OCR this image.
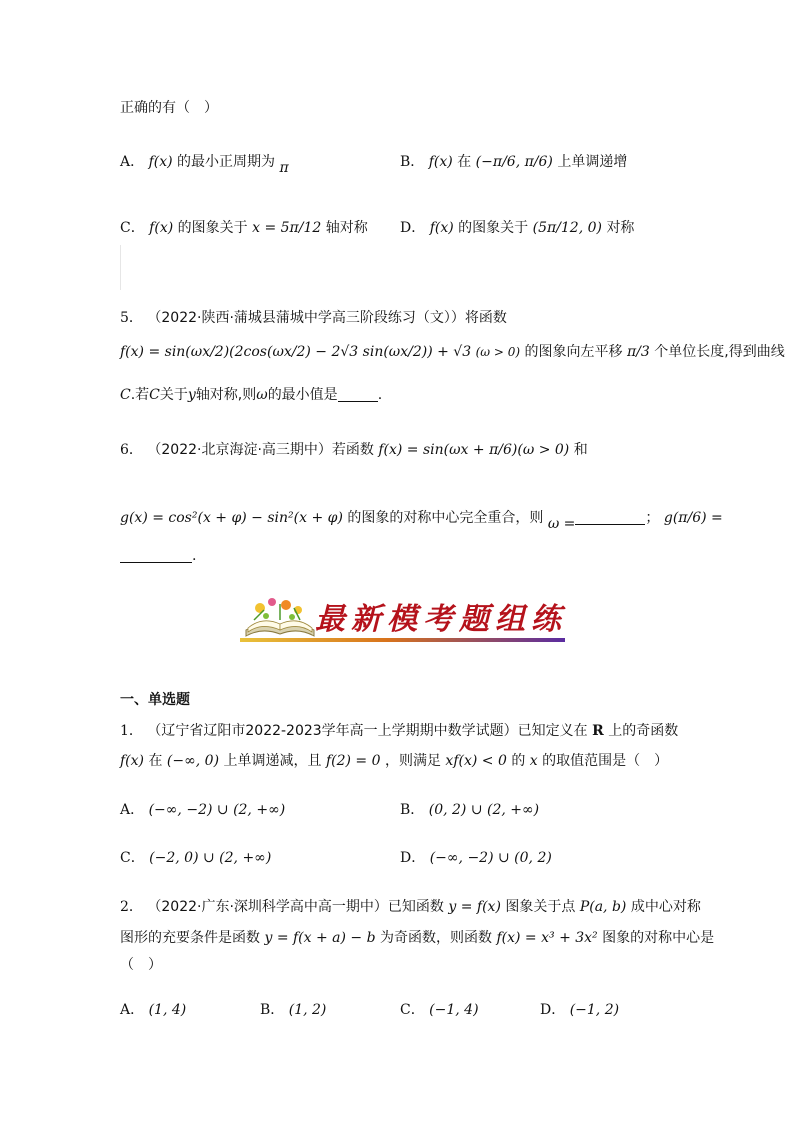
正确的有（　）
A． f(x) 的最小正周期为 π	B． f(x) 在 (−π/6, π/6) 上单调递增
C． f(x) 的图象关于 x = 5π/12 轴对称 D． f(x) 的图象关于 (5π/12, 0) 对称
5． （2022·陕西·蒲城县蒲城中学高三阶段练习（文））将函数
f(x) = sin(ωx/2)(2cos(ωx/2) − 2√3 sin(ωx/2)) + √3 (ω > 0) 的图象向左平移 π/3 个单位长度,得到曲线
C.若C关于y轴对称,则ω的最小值是	.
6． （2022·北京海淀·高三期中）若函数 f(x) = sin(ωx + π/6)(ω > 0) 和
g(x) = cos²(x + φ) − sin²(x + φ) 的图象的对称中心完全重合，则 ω =	； g(π/6) =
.
最新模考题组练
一、单选题
1． （辽宁省辽阳市2022-2023学年高一上学期期中数学试题）已知定义在 R 上的奇函数
f(x) 在 (−∞, 0) 上单调递减，且 f(2) = 0 ，则满足 xf(x) < 0 的 x 的取值范围是（　）
A． (−∞, −2) ∪ (2, +∞)	B． (0, 2) ∪ (2, +∞)
C． (−2, 0) ∪ (2, +∞)	D． (−∞, −2) ∪ (0, 2)
2． （2022·广东·深圳科学高中高一期中）已知函数 y = f(x) 图象关于点 P(a, b) 成中心对称
图形的充要条件是函数 y = f(x + a) − b 为奇函数，则函数 f(x) = x³ + 3x² 图象的对称中心是
（　）
A． (1, 4)	B． (1, 2)	C． (−1, 4)	D． (−1, 2)
